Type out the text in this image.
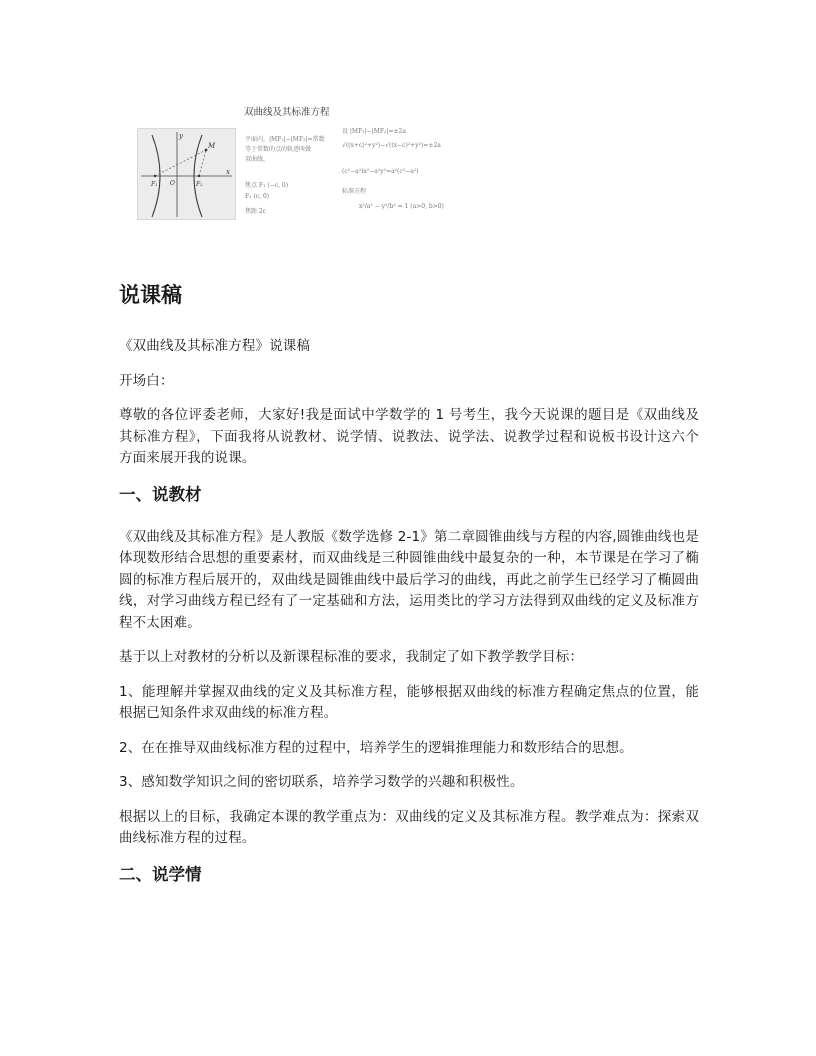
双曲线及其标准方程
y
x
M
F₁ O	F₂
平面内，|MF₁|−|MF₂|=常数
等于常数的点的轨迹叫做
双曲线。
焦点 F₁ (−c, 0)
F₂ (c, 0)
焦距 2c
设 |MF₁|−|MF₂|=±2a
√((x+c)²+y²)−√((x−c)²+y²)=±2a
(c²−a²)x²−a²y²=a²(c²−a²)
标准方程
x²/a² − y²/b² = 1 (a>0, b>0)
说课稿

《双曲线及其标准方程》说课稿

开场白：

尊敬的各位评委老师，大家好!我是面试中学数学的 1 号考生，我今天说课的题目是《双曲线及其标准方程》，下面我将从说教材、说学情、说教法、说学法、说教学过程和说板书设计这六个方面来展开我的说课。

一、说教材

《双曲线及其标准方程》是人教版《数学选修 2-1》第二章圆锥曲线与方程的内容,圆锥曲线也是体现数形结合思想的重要素材，而双曲线是三种圆锥曲线中最复杂的一种，本节课是在学习了椭圆的标准方程后展开的，双曲线是圆锥曲线中最后学习的曲线，再此之前学生已经学习了椭圆曲线，对学习曲线方程已经有了一定基础和方法，运用类比的学习方法得到双曲线的定义及标准方程不太困难。

基于以上对教材的分析以及新课程标准的要求，我制定了如下教学教学目标：

1、能理解并掌握双曲线的定义及其标准方程，能够根据双曲线的标准方程确定焦点的位置，能根据已知条件求双曲线的标准方程。

2、在在推导双曲线标准方程的过程中，培养学生的逻辑推理能力和数形结合的思想。

3、感知数学知识之间的密切联系，培养学习数学的兴趣和积极性。

根据以上的目标，我确定本课的教学重点为：双曲线的定义及其标准方程。教学难点为：探索双曲线标准方程的过程。

二、说学情
